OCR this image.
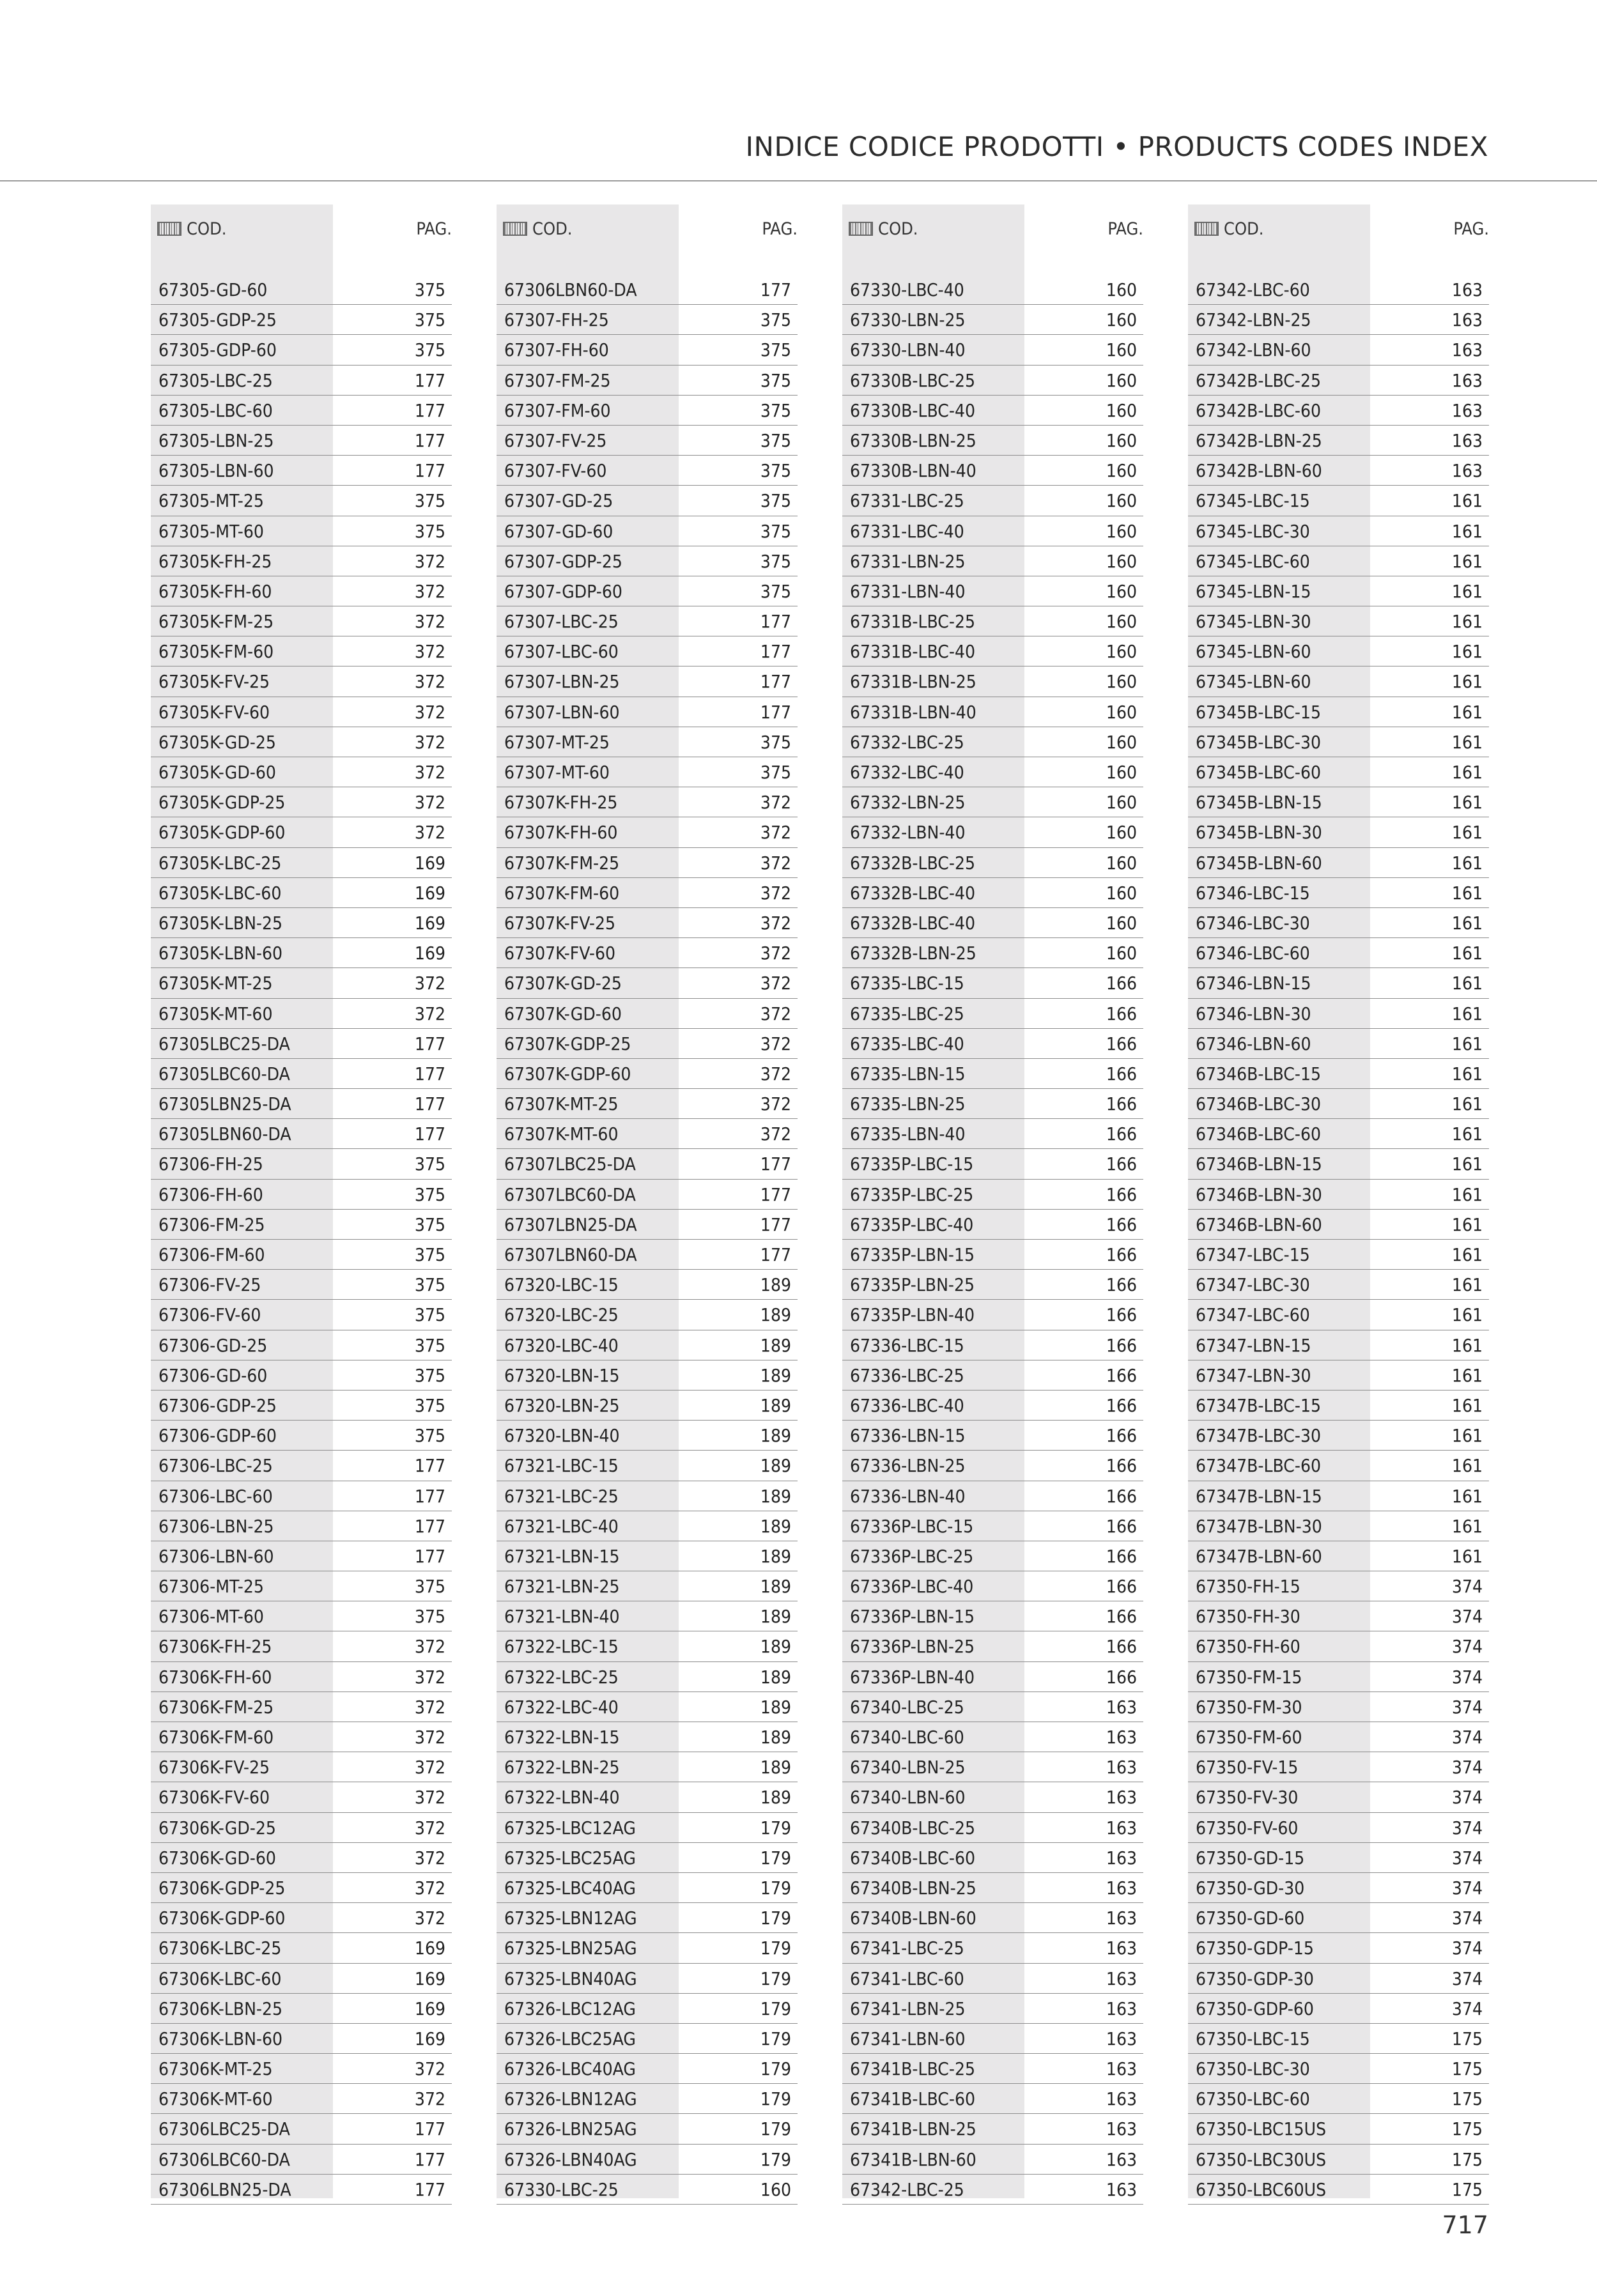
INDICE CODICE PRODOTTI • PRODUCTS CODES INDEX
COD.	PAG.
67305-GD-60	375
67305-GDP-25	375
67305-GDP-60	375
67305-LBC-25	177
67305-LBC-60	177
67305-LBN-25	177
67305-LBN-60	177
67305-MT-25	375
67305-MT-60	375
67305K-FH-25	372
67305K-FH-60	372
67305K-FM-25	372
67305K-FM-60	372
67305K-FV-25	372
67305K-FV-60	372
67305K-GD-25	372
67305K-GD-60	372
67305K-GDP-25	372
67305K-GDP-60	372
67305K-LBC-25	169
67305K-LBC-60	169
67305K-LBN-25	169
67305K-LBN-60	169
67305K-MT-25	372
67305K-MT-60	372
67305LBC25-DA	177
67305LBC60-DA	177
67305LBN25-DA	177
67305LBN60-DA	177
67306-FH-25	375
67306-FH-60	375
67306-FM-25	375
67306-FM-60	375
67306-FV-25	375
67306-FV-60	375
67306-GD-25	375
67306-GD-60	375
67306-GDP-25	375
67306-GDP-60	375
67306-LBC-25	177
67306-LBC-60	177
67306-LBN-25	177
67306-LBN-60	177
67306-MT-25	375
67306-MT-60	375
67306K-FH-25	372
67306K-FH-60	372
67306K-FM-25	372
67306K-FM-60	372
67306K-FV-25	372
67306K-FV-60	372
67306K-GD-25	372
67306K-GD-60	372
67306K-GDP-25	372
67306K-GDP-60	372
67306K-LBC-25	169
67306K-LBC-60	169
67306K-LBN-25	169
67306K-LBN-60	169
67306K-MT-25	372
67306K-MT-60	372
67306LBC25-DA	177
67306LBC60-DA	177
67306LBN25-DA	177
COD.	PAG.
67306LBN60-DA	177
67307-FH-25	375
67307-FH-60	375
67307-FM-25	375
67307-FM-60	375
67307-FV-25	375
67307-FV-60	375
67307-GD-25	375
67307-GD-60	375
67307-GDP-25	375
67307-GDP-60	375
67307-LBC-25	177
67307-LBC-60	177
67307-LBN-25	177
67307-LBN-60	177
67307-MT-25	375
67307-MT-60	375
67307K-FH-25	372
67307K-FH-60	372
67307K-FM-25	372
67307K-FM-60	372
67307K-FV-25	372
67307K-FV-60	372
67307K-GD-25	372
67307K-GD-60	372
67307K-GDP-25	372
67307K-GDP-60	372
67307K-MT-25	372
67307K-MT-60	372
67307LBC25-DA	177
67307LBC60-DA	177
67307LBN25-DA	177
67307LBN60-DA	177
67320-LBC-15	189
67320-LBC-25	189
67320-LBC-40	189
67320-LBN-15	189
67320-LBN-25	189
67320-LBN-40	189
67321-LBC-15	189
67321-LBC-25	189
67321-LBC-40	189
67321-LBN-15	189
67321-LBN-25	189
67321-LBN-40	189
67322-LBC-15	189
67322-LBC-25	189
67322-LBC-40	189
67322-LBN-15	189
67322-LBN-25	189
67322-LBN-40	189
67325-LBC12AG	179
67325-LBC25AG	179
67325-LBC40AG	179
67325-LBN12AG	179
67325-LBN25AG	179
67325-LBN40AG	179
67326-LBC12AG	179
67326-LBC25AG	179
67326-LBC40AG	179
67326-LBN12AG	179
67326-LBN25AG	179
67326-LBN40AG	179
67330-LBC-25	160
COD.	PAG.
67330-LBC-40	160
67330-LBN-25	160
67330-LBN-40	160
67330B-LBC-25	160
67330B-LBC-40	160
67330B-LBN-25	160
67330B-LBN-40	160
67331-LBC-25	160
67331-LBC-40	160
67331-LBN-25	160
67331-LBN-40	160
67331B-LBC-25	160
67331B-LBC-40	160
67331B-LBN-25	160
67331B-LBN-40	160
67332-LBC-25	160
67332-LBC-40	160
67332-LBN-25	160
67332-LBN-40	160
67332B-LBC-25	160
67332B-LBC-40	160
67332B-LBC-40	160
67332B-LBN-25	160
67335-LBC-15	166
67335-LBC-25	166
67335-LBC-40	166
67335-LBN-15	166
67335-LBN-25	166
67335-LBN-40	166
67335P-LBC-15	166
67335P-LBC-25	166
67335P-LBC-40	166
67335P-LBN-15	166
67335P-LBN-25	166
67335P-LBN-40	166
67336-LBC-15	166
67336-LBC-25	166
67336-LBC-40	166
67336-LBN-15	166
67336-LBN-25	166
67336-LBN-40	166
67336P-LBC-15	166
67336P-LBC-25	166
67336P-LBC-40	166
67336P-LBN-15	166
67336P-LBN-25	166
67336P-LBN-40	166
67340-LBC-25	163
67340-LBC-60	163
67340-LBN-25	163
67340-LBN-60	163
67340B-LBC-25	163
67340B-LBC-60	163
67340B-LBN-25	163
67340B-LBN-60	163
67341-LBC-25	163
67341-LBC-60	163
67341-LBN-25	163
67341-LBN-60	163
67341B-LBC-25	163
67341B-LBC-60	163
67341B-LBN-25	163
67341B-LBN-60	163
67342-LBC-25	163
COD.	PAG.
67342-LBC-60	163
67342-LBN-25	163
67342-LBN-60	163
67342B-LBC-25	163
67342B-LBC-60	163
67342B-LBN-25	163
67342B-LBN-60	163
67345-LBC-15	161
67345-LBC-30	161
67345-LBC-60	161
67345-LBN-15	161
67345-LBN-30	161
67345-LBN-60	161
67345-LBN-60	161
67345B-LBC-15	161
67345B-LBC-30	161
67345B-LBC-60	161
67345B-LBN-15	161
67345B-LBN-30	161
67345B-LBN-60	161
67346-LBC-15	161
67346-LBC-30	161
67346-LBC-60	161
67346-LBN-15	161
67346-LBN-30	161
67346-LBN-60	161
67346B-LBC-15	161
67346B-LBC-30	161
67346B-LBC-60	161
67346B-LBN-15	161
67346B-LBN-30	161
67346B-LBN-60	161
67347-LBC-15	161
67347-LBC-30	161
67347-LBC-60	161
67347-LBN-15	161
67347-LBN-30	161
67347B-LBC-15	161
67347B-LBC-30	161
67347B-LBC-60	161
67347B-LBN-15	161
67347B-LBN-30	161
67347B-LBN-60	161
67350-FH-15	374
67350-FH-30	374
67350-FH-60	374
67350-FM-15	374
67350-FM-30	374
67350-FM-60	374
67350-FV-15	374
67350-FV-30	374
67350-FV-60	374
67350-GD-15	374
67350-GD-30	374
67350-GD-60	374
67350-GDP-15	374
67350-GDP-30	374
67350-GDP-60	374
67350-LBC-15	175
67350-LBC-30	175
67350-LBC-60	175
67350-LBC15US	175
67350-LBC30US	175
67350-LBC60US	175
717
